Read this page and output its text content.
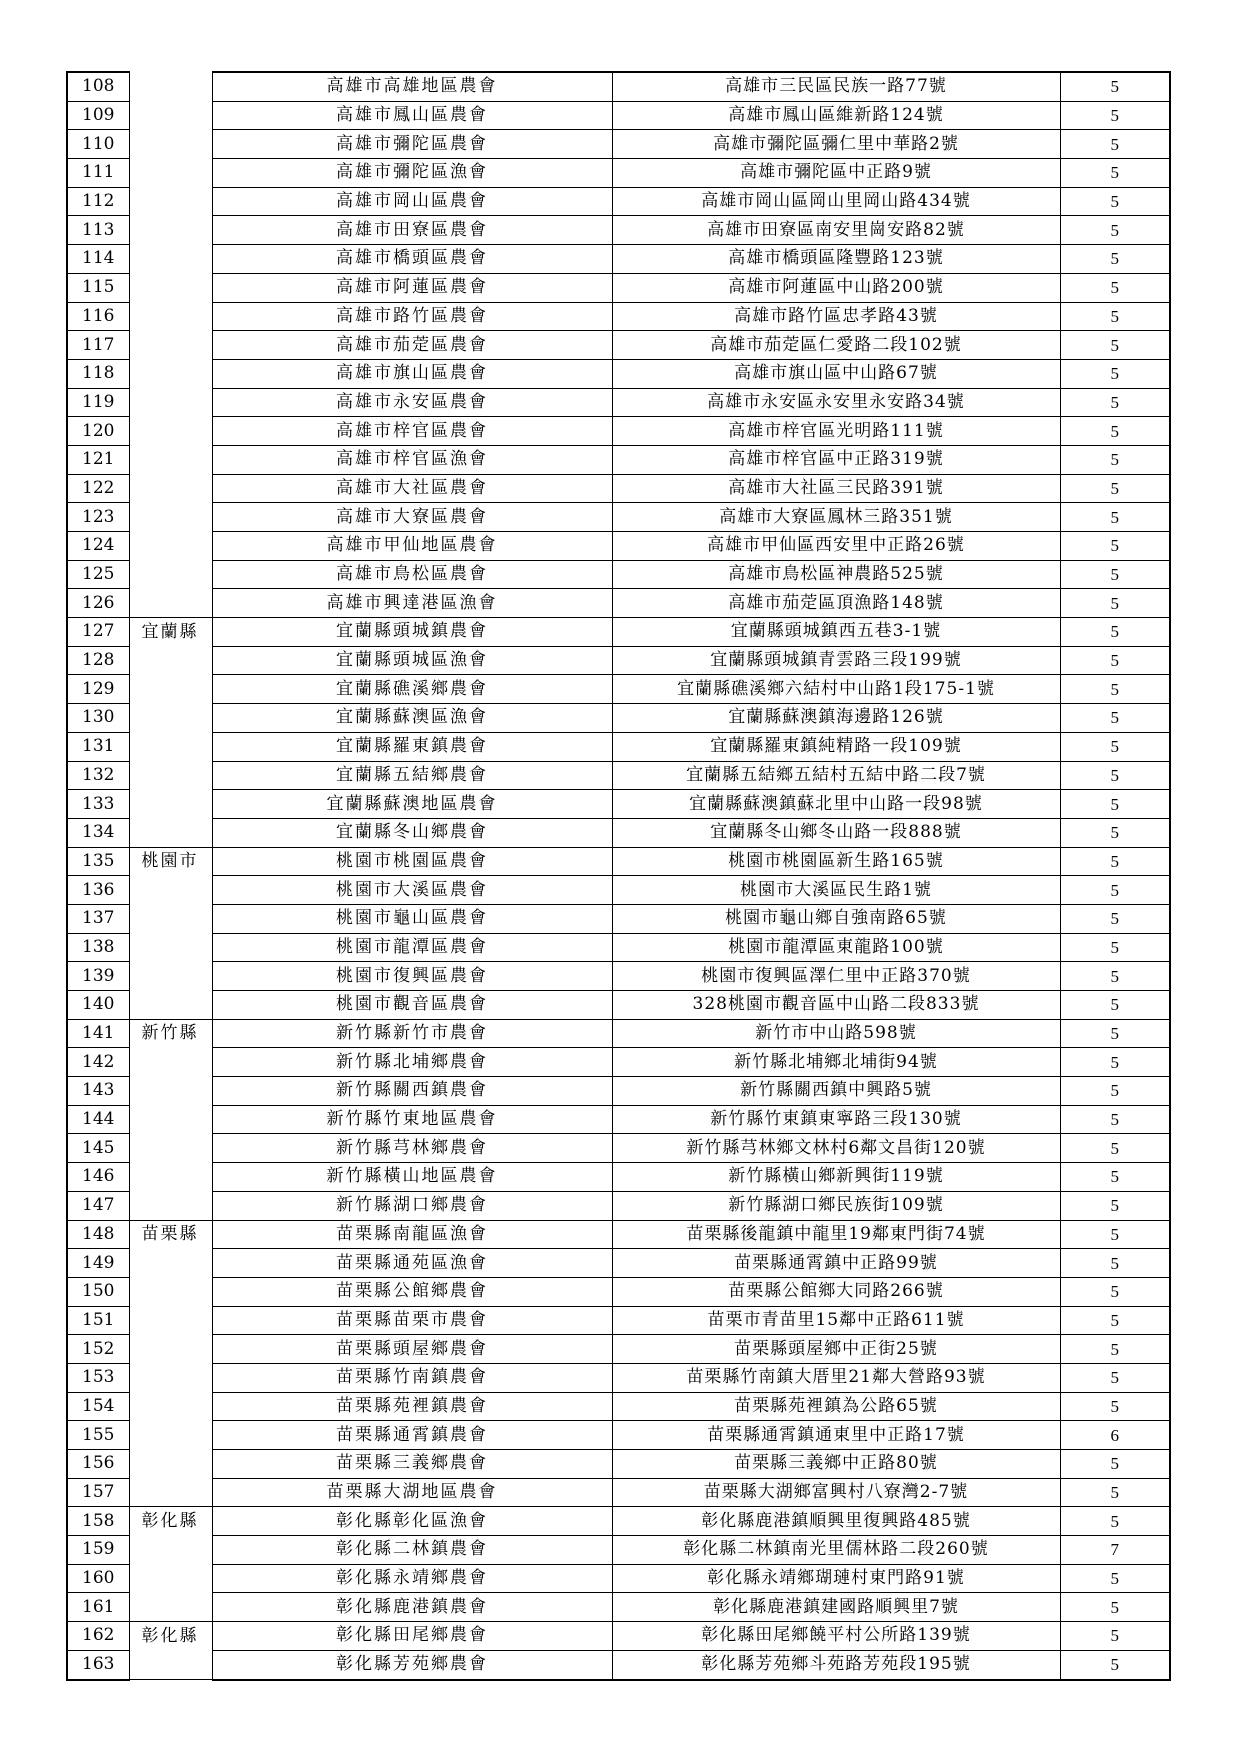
108		高雄市高雄地區農會	高雄市三民區民族一路77號	5
109		高雄市鳳山區農會	高雄市鳳山區維新路124號	5
110		高雄市彌陀區農會	高雄市彌陀區彌仁里中華路2號	5
111		高雄市彌陀區漁會	高雄市彌陀區中正路9號	5
112		高雄市岡山區農會	高雄市岡山區岡山里岡山路434號	5
113		高雄市田寮區農會	高雄市田寮區南安里崗安路82號	5
114		高雄市橋頭區農會	高雄市橋頭區隆豐路123號	5
115		高雄市阿蓮區農會	高雄市阿蓮區中山路200號	5
116		高雄市路竹區農會	高雄市路竹區忠孝路43號	5
117		高雄市茄萣區農會	高雄市茄萣區仁愛路二段102號	5
118		高雄市旗山區農會	高雄市旗山區中山路67號	5
119		高雄市永安區農會	高雄市永安區永安里永安路34號	5
120		高雄市梓官區農會	高雄市梓官區光明路111號	5
121		高雄市梓官區漁會	高雄市梓官區中正路319號	5
122		高雄市大社區農會	高雄市大社區三民路391號	5
123		高雄市大寮區農會	高雄市大寮區鳳林三路351號	5
124		高雄市甲仙地區農會	高雄市甲仙區西安里中正路26號	5
125		高雄市鳥松區農會	高雄市鳥松區神農路525號	5
126		高雄市興達港區漁會	高雄市茄萣區頂漁路148號	5
127	宜蘭縣	宜蘭縣頭城鎮農會	宜蘭縣頭城鎮西五巷3-1號	5
128		宜蘭縣頭城區漁會	宜蘭縣頭城鎮青雲路三段199號	5
129		宜蘭縣礁溪鄉農會	宜蘭縣礁溪鄉六結村中山路1段175-1號	5
130		宜蘭縣蘇澳區漁會	宜蘭縣蘇澳鎮海邊路126號	5
131		宜蘭縣羅東鎮農會	宜蘭縣羅東鎮純精路一段109號	5
132		宜蘭縣五結鄉農會	宜蘭縣五結鄉五結村五結中路二段7號	5
133		宜蘭縣蘇澳地區農會	宜蘭縣蘇澳鎮蘇北里中山路一段98號	5
134		宜蘭縣冬山鄉農會	宜蘭縣冬山鄉冬山路一段888號	5
135	桃園市	桃園市桃園區農會	桃園市桃園區新生路165號	5
136		桃園市大溪區農會	桃園市大溪區民生路1號	5
137		桃園市龜山區農會	桃園市龜山鄉自強南路65號	5
138		桃園市龍潭區農會	桃園市龍潭區東龍路100號	5
139		桃園市復興區農會	桃園市復興區澤仁里中正路370號	5
140		桃園市觀音區農會	328桃園市觀音區中山路二段833號	5
141	新竹縣	新竹縣新竹市農會	新竹市中山路598號	5
142		新竹縣北埔鄉農會	新竹縣北埔鄉北埔街94號	5
143		新竹縣關西鎮農會	新竹縣關西鎮中興路5號	5
144		新竹縣竹東地區農會	新竹縣竹東鎮東寧路三段130號	5
145		新竹縣芎林鄉農會	新竹縣芎林鄉文林村6鄰文昌街120號	5
146		新竹縣橫山地區農會	新竹縣橫山鄉新興街119號	5
147		新竹縣湖口鄉農會	新竹縣湖口鄉民族街109號	5
148	苗栗縣	苗栗縣南龍區漁會	苗栗縣後龍鎮中龍里19鄰東門街74號	5
149		苗栗縣通苑區漁會	苗栗縣通霄鎮中正路99號	5
150		苗栗縣公館鄉農會	苗栗縣公館鄉大同路266號	5
151		苗栗縣苗栗市農會	苗栗市青苗里15鄰中正路611號	5
152		苗栗縣頭屋鄉農會	苗栗縣頭屋鄉中正街25號	5
153		苗栗縣竹南鎮農會	苗栗縣竹南鎮大厝里21鄰大營路93號	5
154		苗栗縣苑裡鎮農會	苗栗縣苑裡鎮為公路65號	5
155		苗栗縣通霄鎮農會	苗栗縣通霄鎮通東里中正路17號	6
156		苗栗縣三義鄉農會	苗栗縣三義鄉中正路80號	5
157		苗栗縣大湖地區農會	苗栗縣大湖鄉富興村八寮灣2-7號	5
158	彰化縣	彰化縣彰化區漁會	彰化縣鹿港鎮順興里復興路485號	5
159		彰化縣二林鎮農會	彰化縣二林鎮南光里儒林路二段260號	7
160		彰化縣永靖鄉農會	彰化縣永靖鄉瑚璉村東門路91號	5
161		彰化縣鹿港鎮農會	彰化縣鹿港鎮建國路順興里7號	5
162	彰化縣	彰化縣田尾鄉農會	彰化縣田尾鄉饒平村公所路139號	5
163		彰化縣芳苑鄉農會	彰化縣芳苑鄉斗苑路芳苑段195號	5
